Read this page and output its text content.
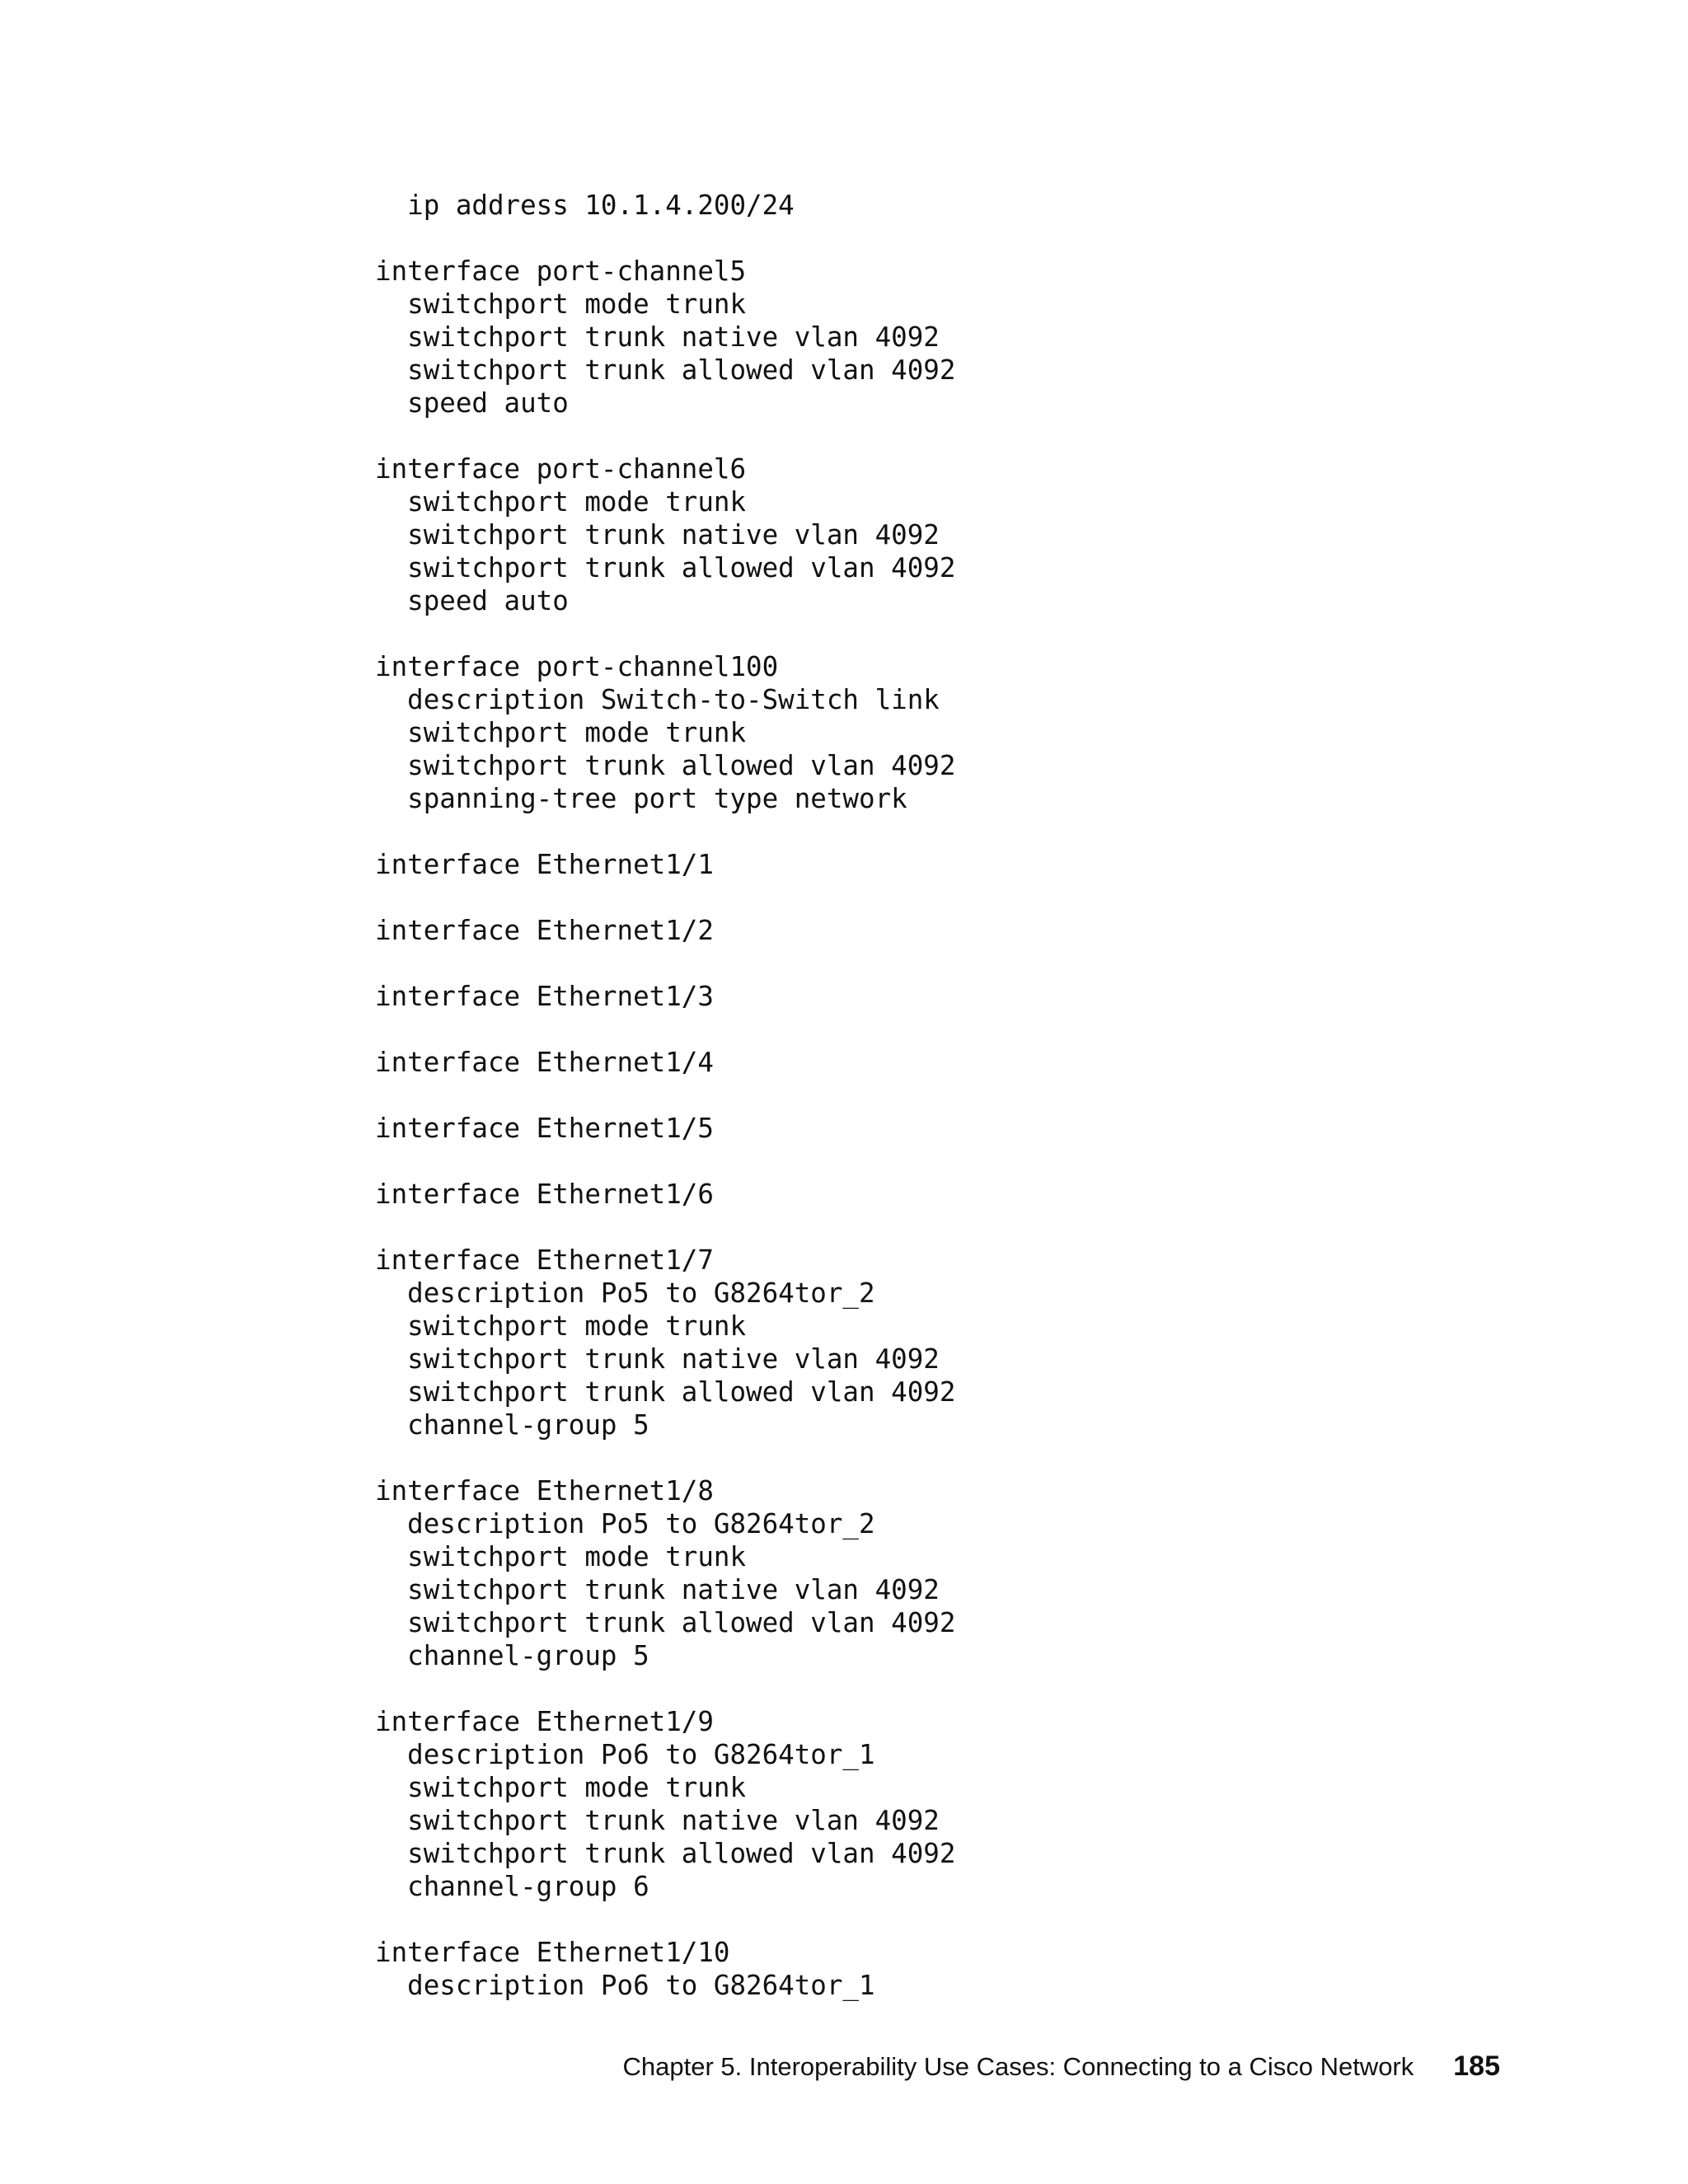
ip address 10.1.4.200/24
interface port-channel5
switchport mode trunk
switchport trunk native vlan 4092
switchport trunk allowed vlan 4092
speed auto
interface port-channel6
switchport mode trunk
switchport trunk native vlan 4092
switchport trunk allowed vlan 4092
speed auto
interface port-channel100
description Switch-to-Switch link
switchport mode trunk
switchport trunk allowed vlan 4092
spanning-tree port type network
interface Ethernet1/1
interface Ethernet1/2
interface Ethernet1/3
interface Ethernet1/4
interface Ethernet1/5
interface Ethernet1/6
interface Ethernet1/7
description Po5 to G8264tor_2
switchport mode trunk
switchport trunk native vlan 4092
switchport trunk allowed vlan 4092
channel-group 5
interface Ethernet1/8
description Po5 to G8264tor_2
switchport mode trunk
switchport trunk native vlan 4092
switchport trunk allowed vlan 4092
channel-group 5
interface Ethernet1/9
description Po6 to G8264tor_1
switchport mode trunk
switchport trunk native vlan 4092
switchport trunk allowed vlan 4092
channel-group 6
interface Ethernet1/10
description Po6 to G8264tor_1
Chapter 5. Interoperability Use Cases: Connecting to a Cisco Network 185
